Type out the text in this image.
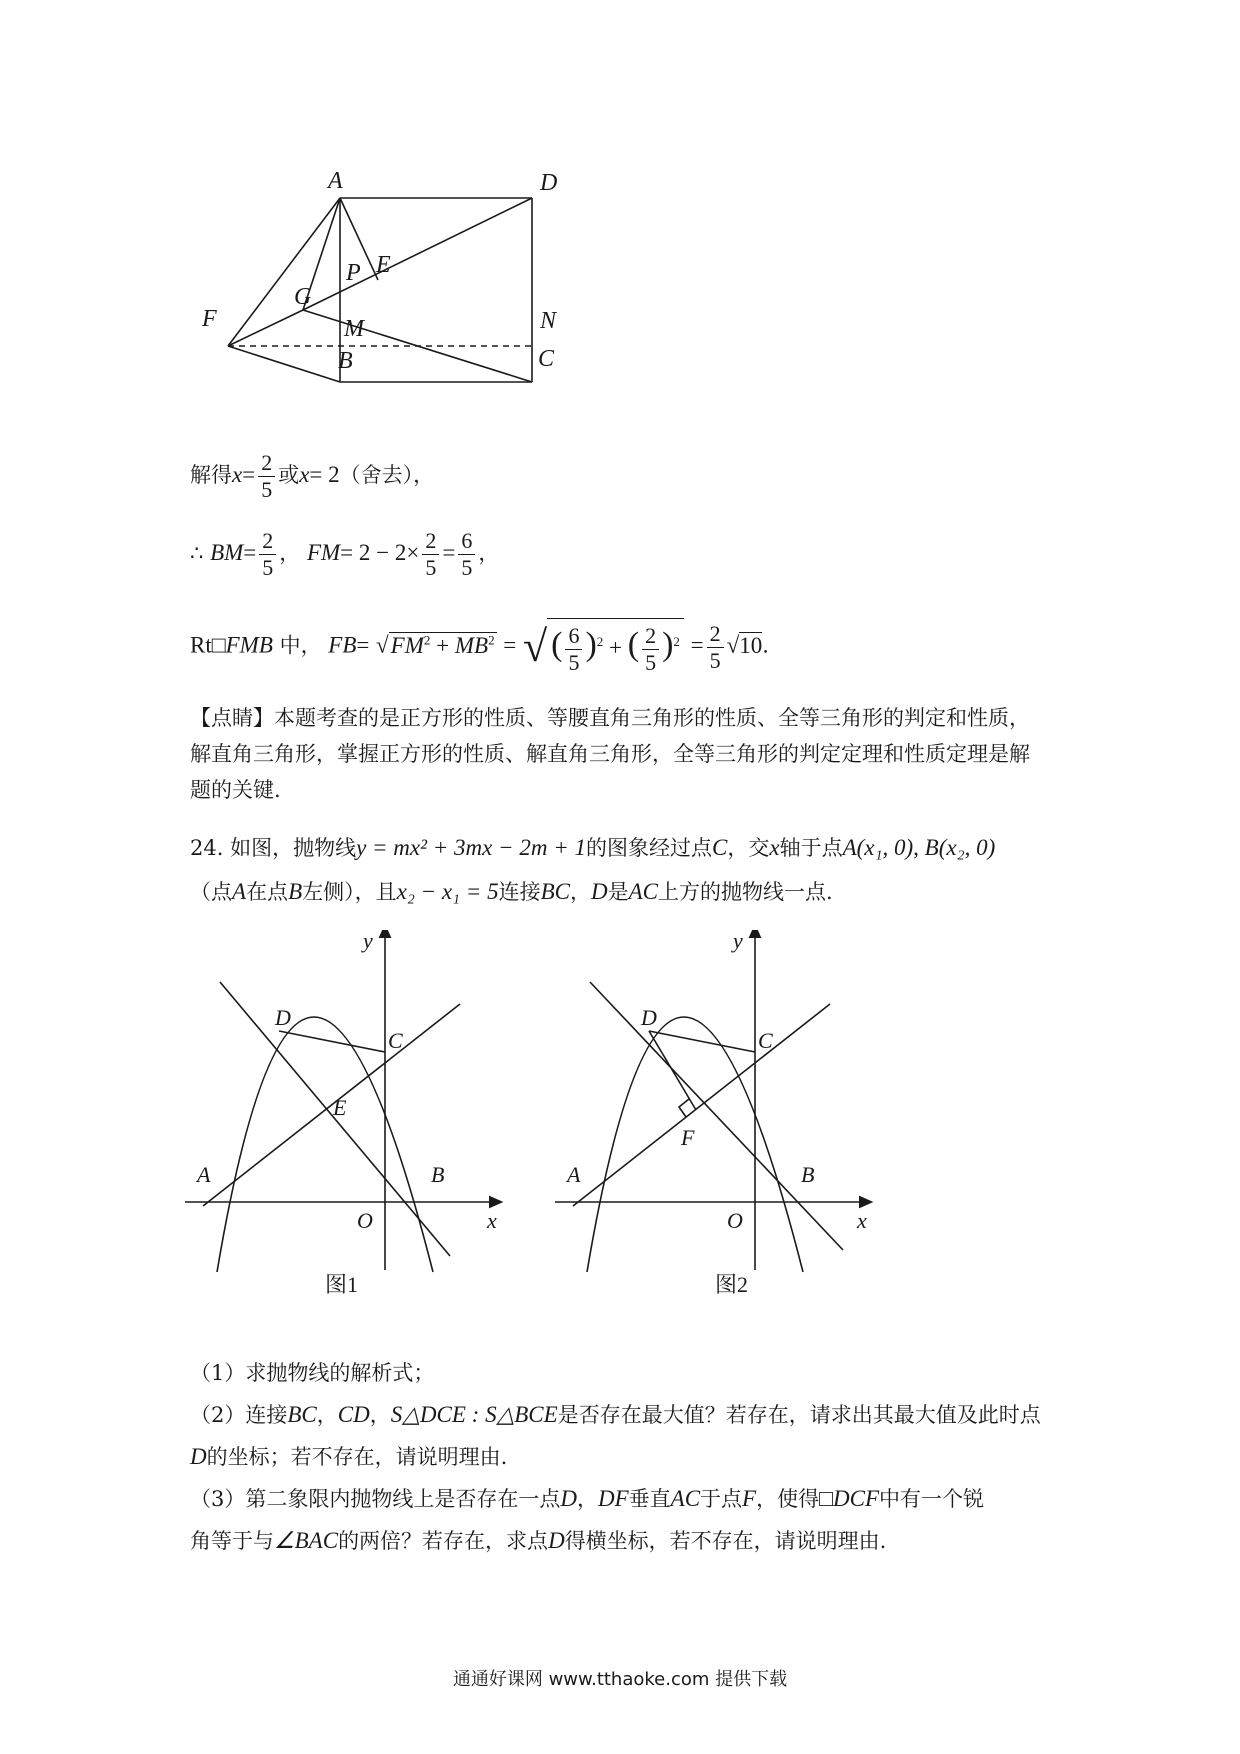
A	D
P E
G
F	M	N
B	C
解得$x= \frac{2}{5}$ 或x= 2（舍去），
∴ $BM= \frac{2}{5}$ ， $FM= 2 - 2\times \frac{2}{5} = \frac{6}{5}$ ，
Rt□FMB 中， $FB= √FM^2 + MB^2$ = √ ( $\frac{6}{5} )^2$ + ( $\frac{2}{5} )^2 = \frac{2}{5} √10$.
【点睛】本题考查的是正方形的性质、等腰直角三角形的性质、全等三角形的判定和性质，
解直角三角形，掌握正方形的性质、解直角三角形，全等三角形的判定定理和性质定理是解
题的关键.
24. 如图，抛物线y = mx² + 3mx − 2m + 1的图象经过点C，交x轴于点A(x₁, 0), B(x₂, 0)
（点A在点B左侧），且x₂ − x₁ = 5连接BC，D是AC上方的抛物线一点.
y
D
C
E
A	B
O	x
图1
y
D
C
F
A	B
O	x
图2
（1）求抛物线的解析式；
（2）连接BC，CD，S△DCE : S△BCE是否存在最大值？若存在，请求出其最大值及此时点
D的坐标；若不存在，请说明理由.
（3）第二象限内抛物线上是否存在一点D，DF垂直AC于点F，使得□DCF中有一个锐
角等于与∠BAC的两倍？若存在，求点D得横坐标，若不存在，请说明理由.
通通好课网 www.tthaoke.com 提供下载
